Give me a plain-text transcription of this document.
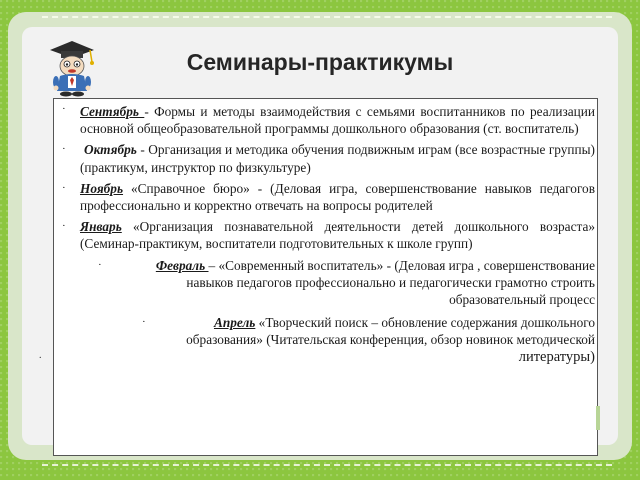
Семинары-практикумы
· Сентябрь - Формы и методы взаимодействия с семьями воспитанников по реализации основной общеобразовательной программы дошкольного образования (ст. воспитатель)
· Октябрь - Организация и методика обучения подвижным играм (все возрастные группы) (практикум, инструктор по физкультуре)
· Ноябрь «Справочное бюро» - (Деловая игра, совершенствование навыков педагогов профессионально и корректно отвечать на вопросы родителей
· Январь «Организация познавательной деятельности детей дошкольного возраста» (Семинар-практикум, воспитатели подготовительных к школе групп)
·	Февраль – «Современный воспитатель» - (Деловая игра , совершенствование навыков педагогов профессионально и педагогически грамотно строить образовательный процесс
·	Апрель «Творческий поиск – обновление содержания дошкольного образования» (Читательская конференция, обзор новинок методической
литературы)
.
